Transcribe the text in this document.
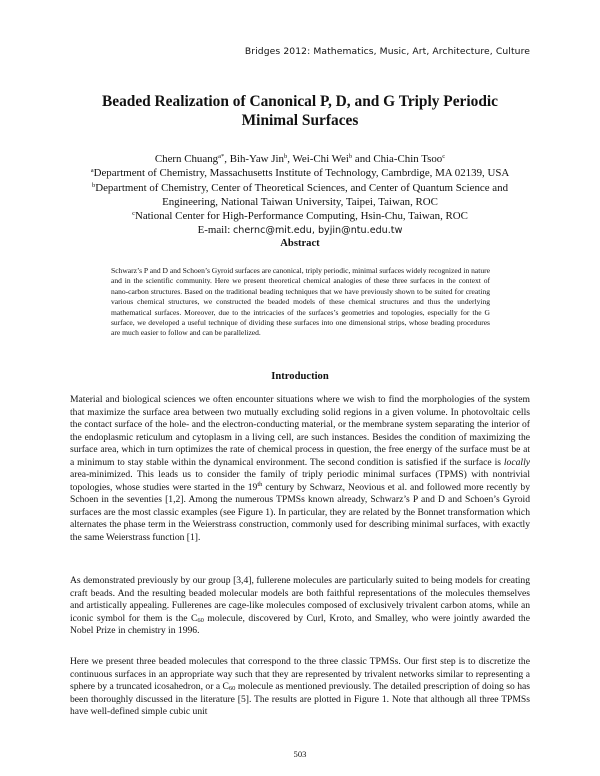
Bridges 2012: Mathematics, Music, Art, Architecture, Culture
Beaded Realization of Canonical P, D, and G Triply Periodic
Minimal Surfaces
Chern Chuang$^{a*}$, Bih-Yaw Jin$^b$, Wei-Chi Wei$^b$ and Chia-Chin Tsoo$^c$
$^a$Department of Chemistry, Massachusetts Institute of Technology, Cambrdige, MA 02139, USA
$^b$Department of Chemistry, Center of Theoretical Sciences, and Center of Quantum Science and
Engineering, National Taiwan University, Taipei, Taiwan, ROC
$^c$National Center for High-Performance Computing, Hsin-Chu, Taiwan, ROC
E-mail: chernc@mit.edu, byjin@ntu.edu.tw
Abstract
Schwarz’s P and D and Schoen’s Gyroid surfaces are canonical, triply periodic, minimal surfaces widely recognized in nature and in the scientific community. Here we present theoretical chemical analogies of these three surfaces in the context of nano-carbon structures. Based on the traditional beading techniques that we have previously shown to be suited for creating various chemical structures, we constructed the beaded models of these chemical structures and thus the underlying mathematical surfaces. Moreover, due to the intricacies of the surfaces’s geometries and topologies, especially for the G surface, we developed a useful technique of dividing these surfaces into one dimensional strips, whose beading procedures are much easier to follow and can be parallelized.
Introduction
Material and biological sciences we often encounter situations where we wish to find the morphologies of the system that maximize the surface area between two mutually excluding solid regions in a given volume. In photovoltaic cells the contact surface of the hole- and the electron-conducting material, or the membrane system separating the interior of the endoplasmic reticulum and cytoplasm in a living cell, are such instances. Besides the condition of maximizing the surface area, which in turn optimizes the rate of chemical process in question, the free energy of the surface must be at a minimum to stay stable within the dynamical environment. The second condition is satisfied if the surface is locally area-minimized. This leads us to consider the family of triply periodic minimal surfaces (TPMS) with nontrivial topologies, whose studies were started in the 19th century by Schwarz, Neovious et al. and followed more recently by Schoen in the seventies [1,2]. Among the numerous TPMSs known already, Schwarz’s P and D and Schoen’s Gyroid surfaces are the most classic examples (see Figure 1). In particular, they are related by the Bonnet transformation which alternates the phase term in the Weierstrass construction, commonly used for describing minimal surfaces, with exactly the same Weierstrass function [1].
As demonstrated previously by our group [3,4], fullerene molecules are particularly suited to being models for creating craft beads. And the resulting beaded molecular models are both faithful representations of the molecules themselves and artistically appealing. Fullerenes are cage-like molecules composed of exclusively trivalent carbon atoms, while an iconic symbol for them is the $C_{60}$ molecule, discovered by Curl, Kroto, and Smalley, who were jointly awarded the Nobel Prize in chemistry in 1996.
Here we present three beaded molecules that correspond to the three classic TPMSs. Our first step is to discretize the continuous surfaces in an appropriate way such that they are represented by trivalent networks similar to representing a sphere by a truncated icosahedron, or a $C_{60}$ molecule as mentioned previously. The detailed prescription of doing so has been thoroughly discussed in the literature [5]. The results are plotted in Figure 1. Note that although all three TPMSs have well-defined simple cubic unit
503
